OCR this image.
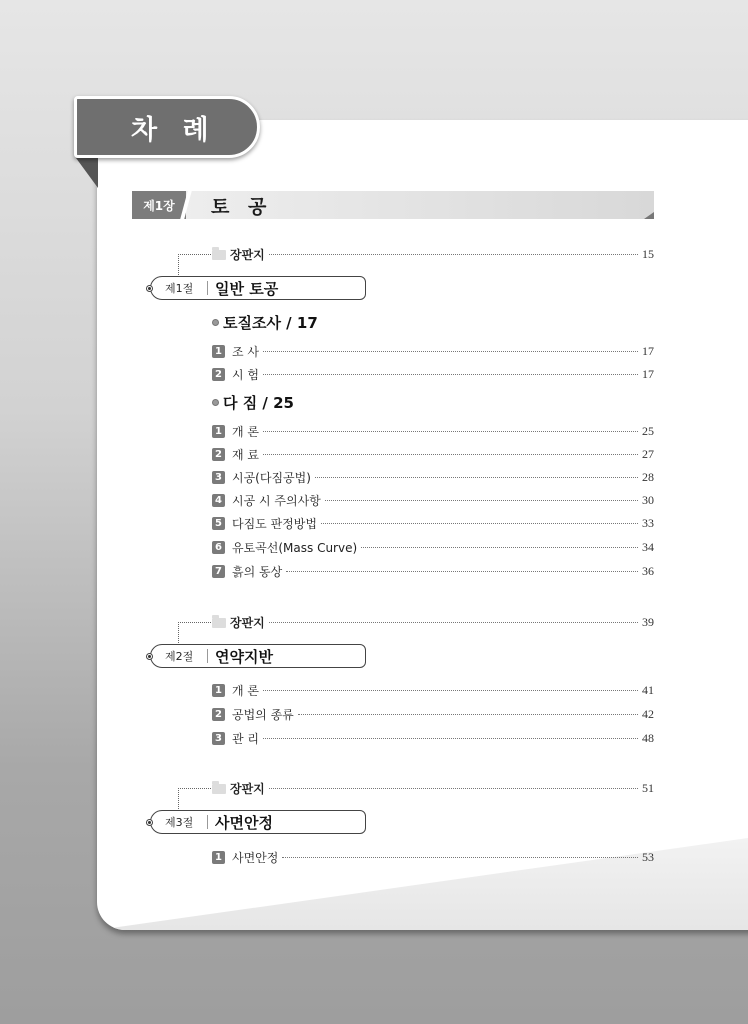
차 례
제1장	토 공
장판지	15
제1절	일반 토공
토질조사 / 17
1 조 사	17
2 시 험	17
다 짐 / 25
1 개 론	25
2 재 료	27
3 시공(다짐공법)	28
4 시공 시 주의사항	30
5 다짐도 판정방법	33
6 유토곡선(Mass Curve)	34
7 흙의 동상	36
장판지	39
제2절	연약지반
1 개 론	41
2 공법의 종류	42
3 관 리	48
장판지	51
제3절	사면안정
1 사면안정	53
